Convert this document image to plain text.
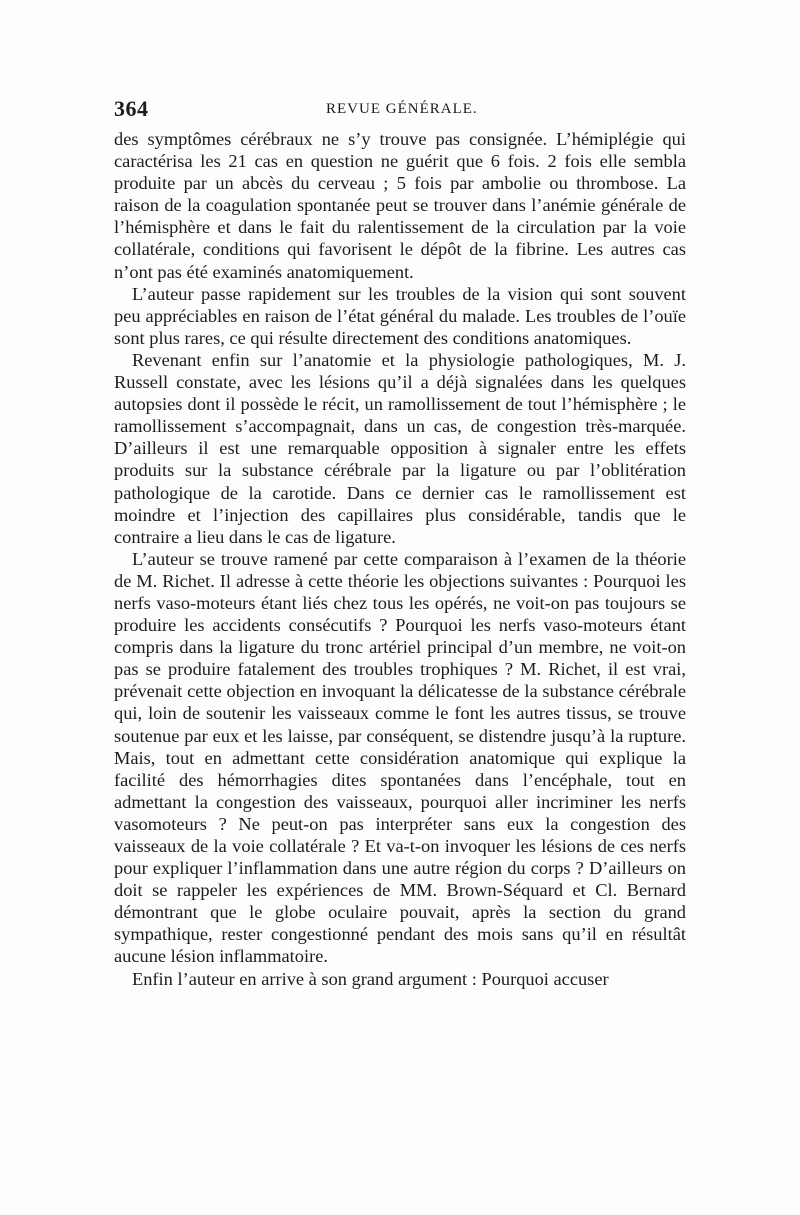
364	REVUE GÉNÉRALE.

des symptômes cérébraux ne s’y trouve pas consignée. L’hémiplégie qui caractérisa les 21 cas en question ne guérit que 6 fois. 2 fois elle sembla produite par un abcès du cerveau ; 5 fois par ambolie ou thrombose. La raison de la coagulation spontanée peut se trouver dans l’anémie générale de l’hémisphère et dans le fait du ralentissement de la circulation par la voie collatérale, conditions qui favorisent le dépôt de la fibrine. Les autres cas n’ont pas été examinés anatomiquement.

L’auteur passe rapidement sur les troubles de la vision qui sont souvent peu appréciables en raison de l’état général du malade. Les troubles de l’ouïe sont plus rares, ce qui résulte directement des conditions anatomiques.

Revenant enfin sur l’anatomie et la physiologie pathologiques, M. J. Russell constate, avec les lésions qu’il a déjà signalées dans les quelques autopsies dont il possède le récit, un ramollissement de tout l’hémisphère ; le ramollissement s’accompagnait, dans un cas, de congestion très-marquée. D’ailleurs il est une remarquable opposition à signaler entre les effets produits sur la substance cérébrale par la ligature ou par l’oblitération pathologique de la carotide. Dans ce dernier cas le ramollissement est moindre et l’injection des capillaires plus considérable, tandis que le contraire a lieu dans le cas de ligature.

L’auteur se trouve ramené par cette comparaison à l’examen de la théorie de M. Richet. Il adresse à cette théorie les objections suivantes : Pourquoi les nerfs vaso-moteurs étant liés chez tous les opérés, ne voit-on pas toujours se produire les accidents consécutifs ? Pourquoi les nerfs vaso-moteurs étant compris dans la ligature du tronc artériel principal d’un membre, ne voit-on pas se produire fatalement des troubles trophiques ? M. Richet, il est vrai, prévenait cette objection en invoquant la délicatesse de la substance cérébrale qui, loin de soutenir les vaisseaux comme le font les autres tissus, se trouve soutenue par eux et les laisse, par conséquent, se distendre jusqu’à la rupture. Mais, tout en admettant cette considération anatomique qui explique la facilité des hémorrhagies dites spontanées dans l’encéphale, tout en admettant la congestion des vaisseaux, pourquoi aller incriminer les nerfs vasomoteurs ? Ne peut-on pas interpréter sans eux la congestion des vaisseaux de la voie collatérale ? Et va-t-on invoquer les lésions de ces nerfs pour expliquer l’inflammation dans une autre région du corps ? D’ailleurs on doit se rappeler les expériences de MM. Brown-Séquard et Cl. Bernard démontrant que le globe oculaire pouvait, après la section du grand sympathique, rester congestionné pendant des mois sans qu’il en résultât aucune lésion inflammatoire.

Enfin l’auteur en arrive à son grand argument : Pourquoi accuser
